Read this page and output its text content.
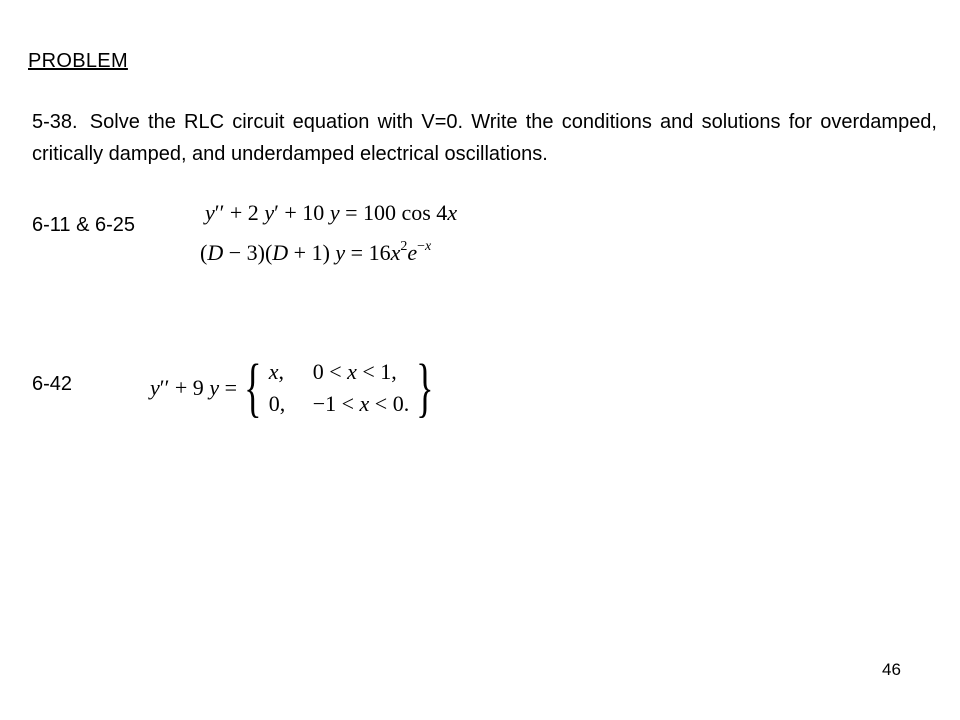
PROBLEM
5-38. Solve the RLC circuit equation with V=0. Write the conditions and solutions for overdamped, critically damped, and underdamped electrical oscillations.
6-11 & 6-25	y′′ + 2 y′ + 10 y = 100 cos 4x
(D − 3)(D + 1) $y = 16x^2e^{-x}$
6-42	y′′ + 9 y = { x,	0 < x < 1,
0,	−1 < x < 0. }
46
